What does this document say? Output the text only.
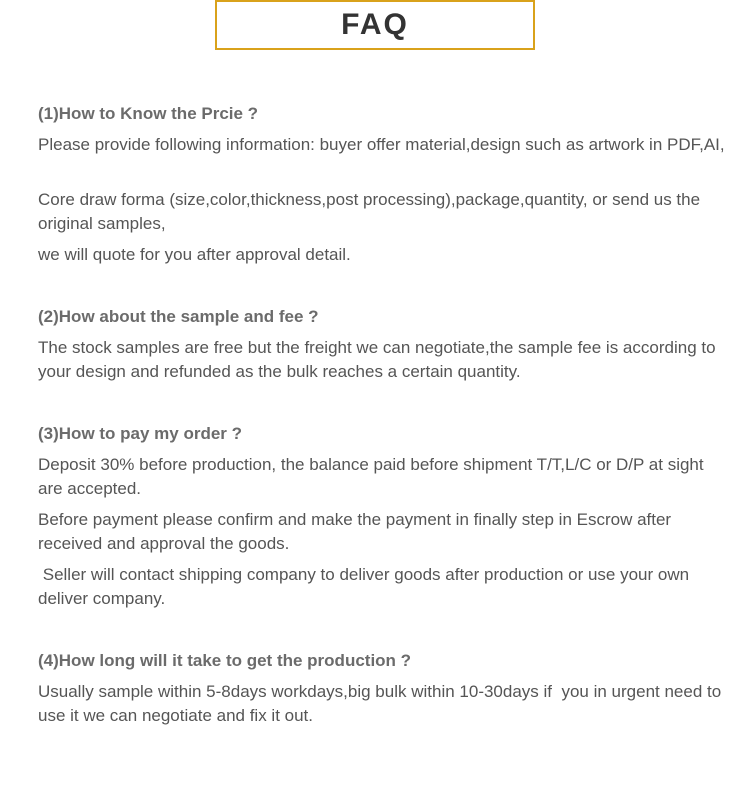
FAQ
(1)How to Know the Prcie ?

Please provide following information: buyer offer material,design such as artwork in PDF,AI,

Core draw forma (size,color,thickness,post processing),package,quantity, or send us the original samples,

we will quote for you after approval detail.

(2)How about the sample and fee ?

The stock samples are free but the freight we can negotiate,the sample fee is according to your design and refunded as the bulk reaches a certain quantity.

(3)How to pay my order ?

Deposit 30% before production, the balance paid before shipment T/T,L/C or D/P at sight are accepted.

Before payment please confirm and make the payment in finally step in Escrow after received and approval the goods.

Seller will contact shipping company to deliver goods after production or use your own deliver company.

(4)How long will it take to get the production ?

Usually sample within 5-8days workdays,big bulk within 10-30days if  you in urgent need to use it we can negotiate and fix it out.
